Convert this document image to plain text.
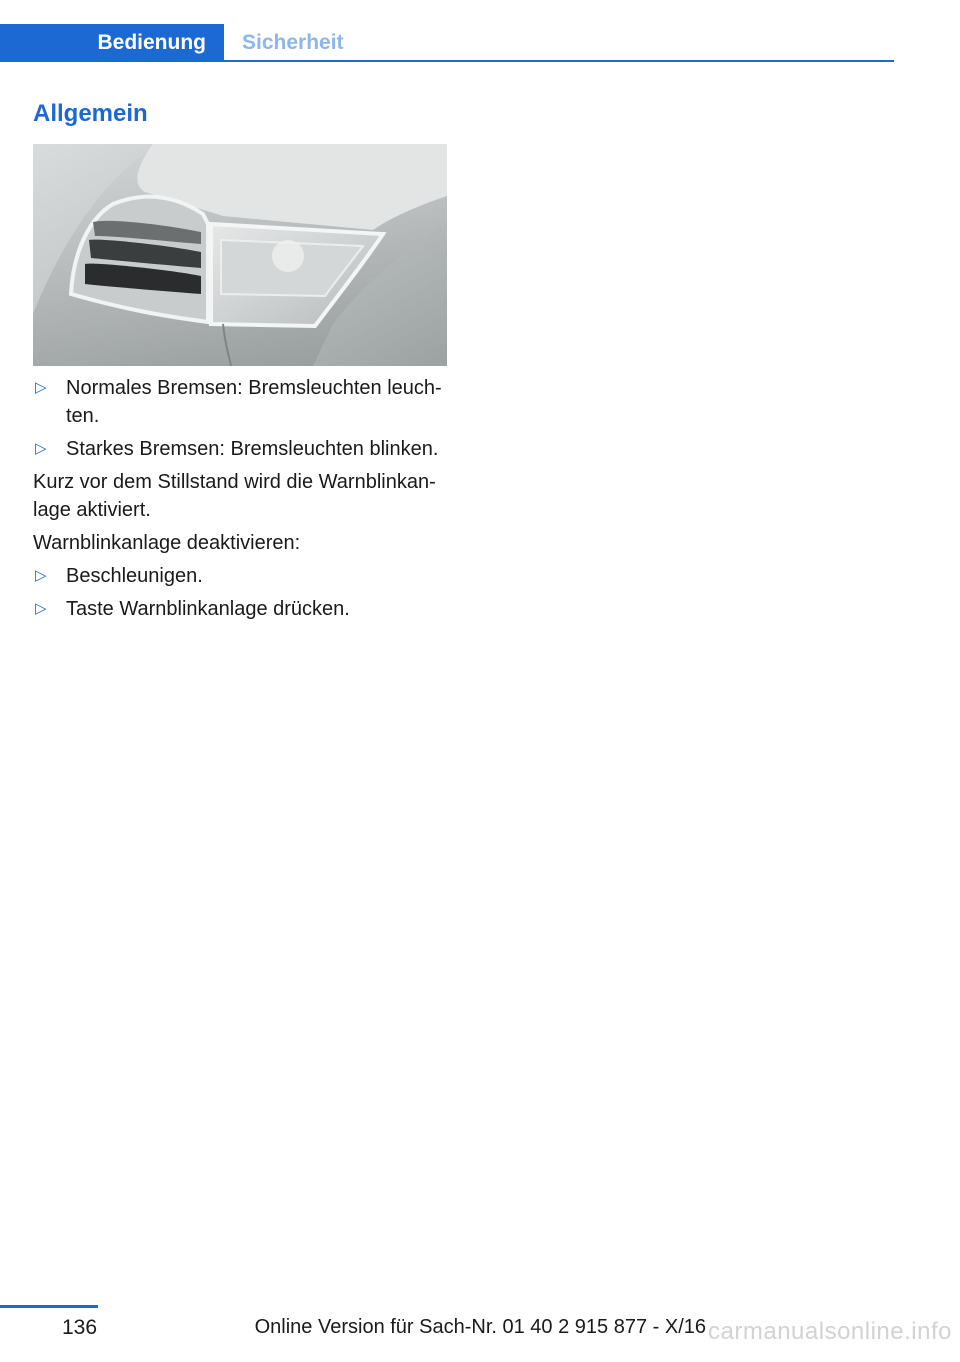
Bedienung Sicherheit
Allgemein
▷ Normales Bremsen: Bremsleuchten leuch-ten.
▷ Starkes Bremsen: Bremsleuchten blinken.

Kurz vor dem Stillstand wird die Warnblinkan-lage aktiviert.

Warnblinkanlage deaktivieren:

▷ Beschleunigen.
▷ Taste Warnblinkanlage drücken.
136	Online Version für Sach-Nr. 01 40 2 915 877 - X/16 carmanualsonline.info
